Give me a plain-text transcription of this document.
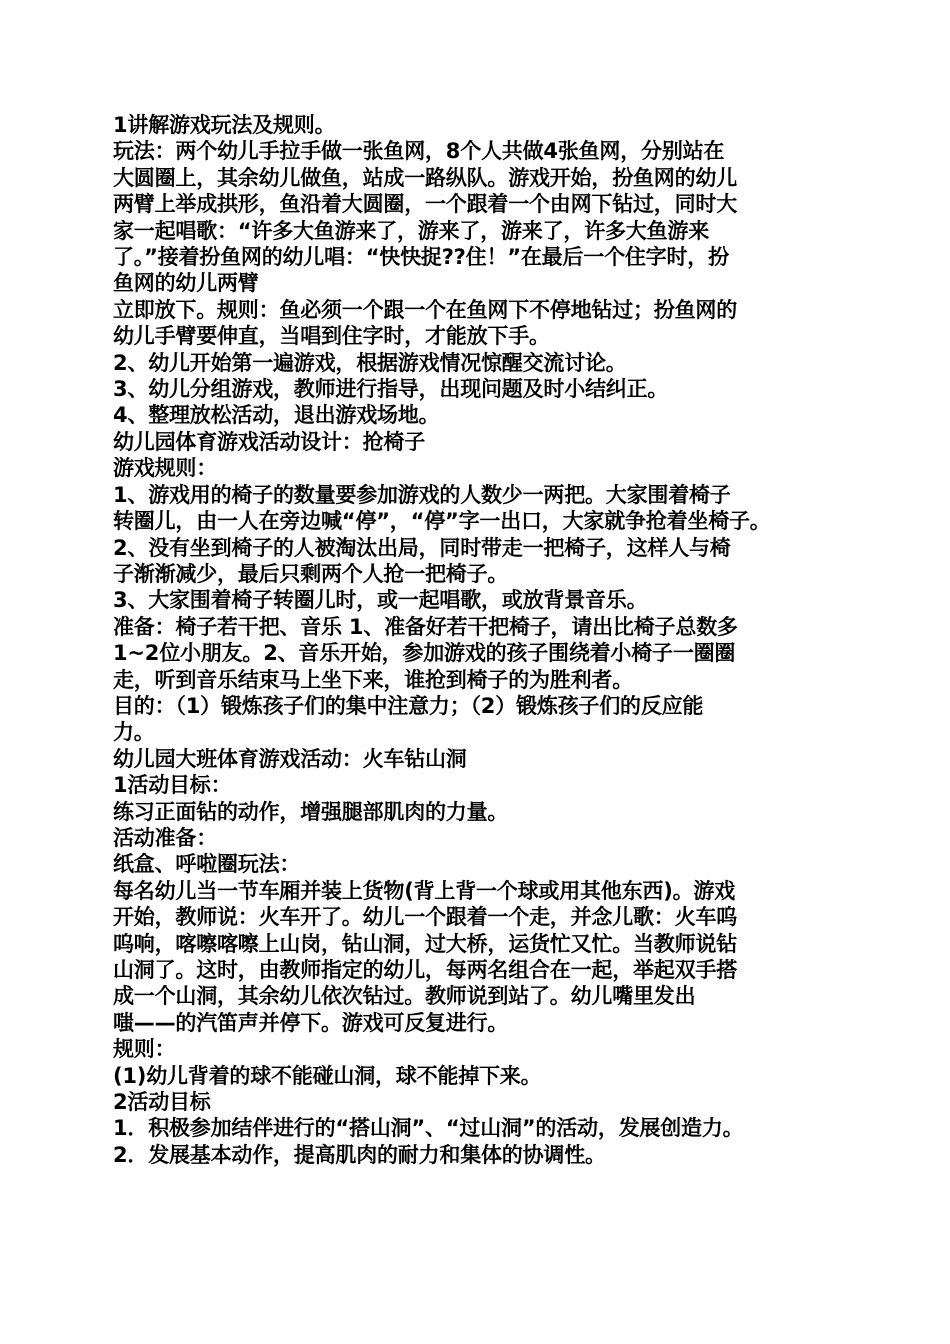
1讲解游戏玩法及规则。
玩法：两个幼儿手拉手做一张鱼网，8个人共做4张鱼网，分别站在
大圆圈上，其余幼儿做鱼，站成一路纵队。游戏开始，扮鱼网的幼儿
两臂上举成拱形，鱼沿着大圆圈，一个跟着一个由网下钻过，同时大
家一起唱歌：“许多大鱼游来了，游来了，游来了，许多大鱼游来
了。”接着扮鱼网的幼儿唱：“快快捉??住！”在最后一个住字时，扮
鱼网的幼儿两臂
立即放下。规则：鱼必须一个跟一个在鱼网下不停地钻过；扮鱼网的
幼儿手臂要伸直，当唱到住字时，才能放下手。
2、幼儿开始第一遍游戏，根据游戏情况惊醒交流讨论。
3、幼儿分组游戏，教师进行指导，出现问题及时小结纠正。
4、整理放松活动，退出游戏场地。
幼儿园体育游戏活动设计：抢椅子
游戏规则：
1、游戏用的椅子的数量要参加游戏的人数少一两把。大家围着椅子
转圈儿，由一人在旁边喊“停”，“停”字一出口，大家就争抢着坐椅子。
2、没有坐到椅子的人被淘汰出局，同时带走一把椅子，这样人与椅
子渐渐减少，最后只剩两个人抢一把椅子。
3、大家围着椅子转圈儿时，或一起唱歌，或放背景音乐。
准备：椅子若干把、音乐 1、准备好若干把椅子，请出比椅子总数多
1~2位小朋友。2、音乐开始，参加游戏的孩子围绕着小椅子一圈圈
走，听到音乐结束马上坐下来，谁抢到椅子的为胜利者。
目的：（1）锻炼孩子们的集中注意力；（2）锻炼孩子们的反应能
力。
幼儿园大班体育游戏活动：火车钻山洞
1活动目标：
练习正面钻的动作，增强腿部肌肉的力量。
活动准备：
纸盒、呼啦圈玩法：
每名幼儿当一节车厢并装上货物(背上背一个球或用其他东西)。游戏
开始，教师说：火车开了。幼儿一个跟着一个走，并念儿歌：火车呜
呜响，喀嚓喀嚓上山岗，钻山洞，过大桥，运货忙又忙。当教师说钻
山洞了。这时，由教师指定的幼儿，每两名组合在一起，举起双手搭
成一个山洞，其余幼儿依次钻过。教师说到站了。幼儿嘴里发出
嗤——的汽笛声并停下。游戏可反复进行。
规则：
(1)幼儿背着的球不能碰山洞，球不能掉下来。
2活动目标
1．积极参加结伴进行的“搭山洞”、“过山洞”的活动，发展创造力。
2．发展基本动作，提高肌肉的耐力和集体的协调性。
